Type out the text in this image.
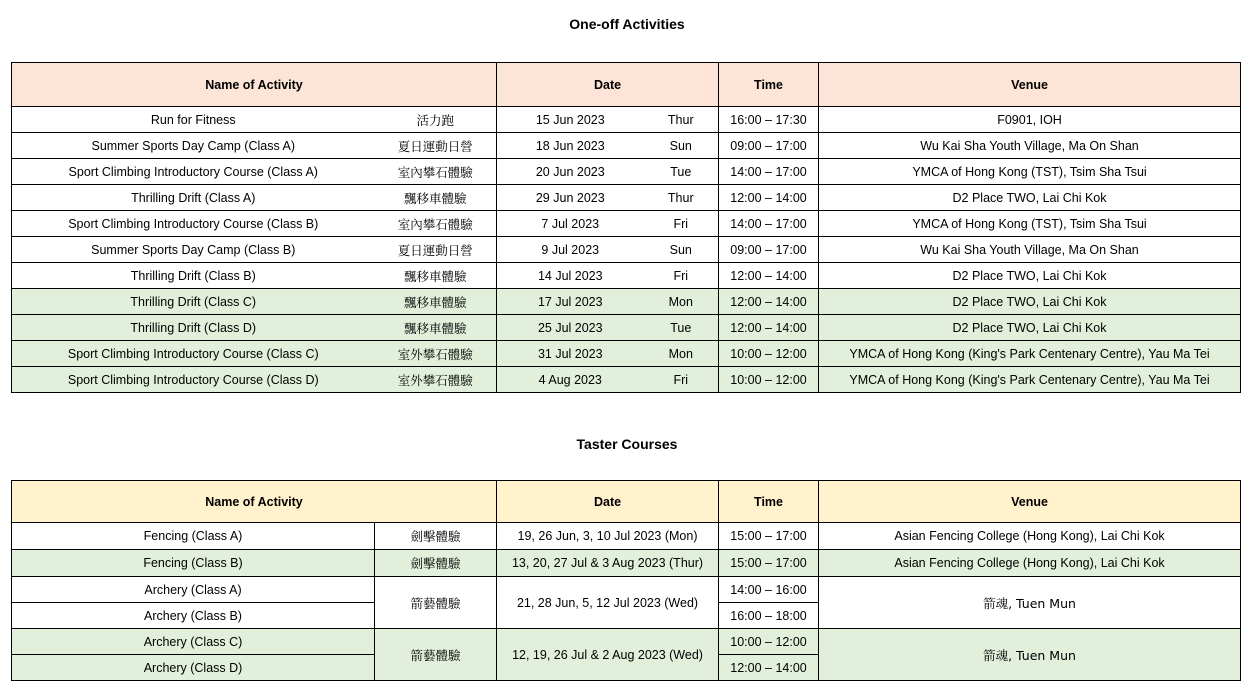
One-off Activities
Name of Activity		Date		Time	Venue
Run for Fitness	活力跑	15 Jun 2023	Thur	16:00 – 17:30	F0901, IOH
Summer Sports Day Camp (Class A)	夏日運動日營	18 Jun 2023	Sun	09:00 – 17:00	Wu Kai Sha Youth Village, Ma On Shan
Sport Climbing Introductory Course (Class A)	室內攀石體驗	20 Jun 2023	Tue	14:00 – 17:00	YMCA of Hong Kong (TST), Tsim Sha Tsui
Thrilling Drift (Class A)	飄移車體驗	29 Jun 2023	Thur	12:00 – 14:00	D2 Place TWO, Lai Chi Kok
Sport Climbing Introductory Course (Class B)	室內攀石體驗	7 Jul 2023	Fri	14:00 – 17:00	YMCA of Hong Kong (TST), Tsim Sha Tsui
Summer Sports Day Camp (Class B)	夏日運動日營	9 Jul 2023	Sun	09:00 – 17:00	Wu Kai Sha Youth Village, Ma On Shan
Thrilling Drift (Class B)	飄移車體驗	14 Jul 2023	Fri	12:00 – 14:00	D2 Place TWO, Lai Chi Kok
Thrilling Drift (Class C)	飄移車體驗	17 Jul 2023	Mon	12:00 – 14:00	D2 Place TWO, Lai Chi Kok
Thrilling Drift (Class D)	飄移車體驗	25 Jul 2023	Tue	12:00 – 14:00	D2 Place TWO, Lai Chi Kok
Sport Climbing Introductory Course (Class C)	室外攀石體驗	31 Jul 2023	Mon	10:00 – 12:00	YMCA of Hong Kong (King's Park Centenary Centre), Yau Ma Tei
Sport Climbing Introductory Course (Class D)	室外攀石體驗	4 Aug 2023	Fri	10:00 – 12:00	YMCA of Hong Kong (King's Park Centenary Centre), Yau Ma Tei
Taster Courses
Name of Activity		Date	Time	Venue
Fencing (Class A)	劍擊體驗	19, 26 Jun, 3, 10 Jul 2023 (Mon)	15:00 – 17:00	Asian Fencing College (Hong Kong), Lai Chi Kok
Fencing (Class B)	劍擊體驗	13, 20, 27 Jul & 3 Aug 2023 (Thur)	15:00 – 17:00	Asian Fencing College (Hong Kong), Lai Chi Kok
Archery (Class A)	箭藝體驗	21, 28 Jun, 5, 12 Jul 2023 (Wed)	14:00 – 16:00	箭魂, Tuen Mun
Archery (Class B)			16:00 – 18:00	
Archery (Class C)	箭藝體驗	12, 19, 26 Jul & 2 Aug 2023 (Wed)	10:00 – 12:00	箭魂, Tuen Mun
Archery (Class D)			12:00 – 14:00	
